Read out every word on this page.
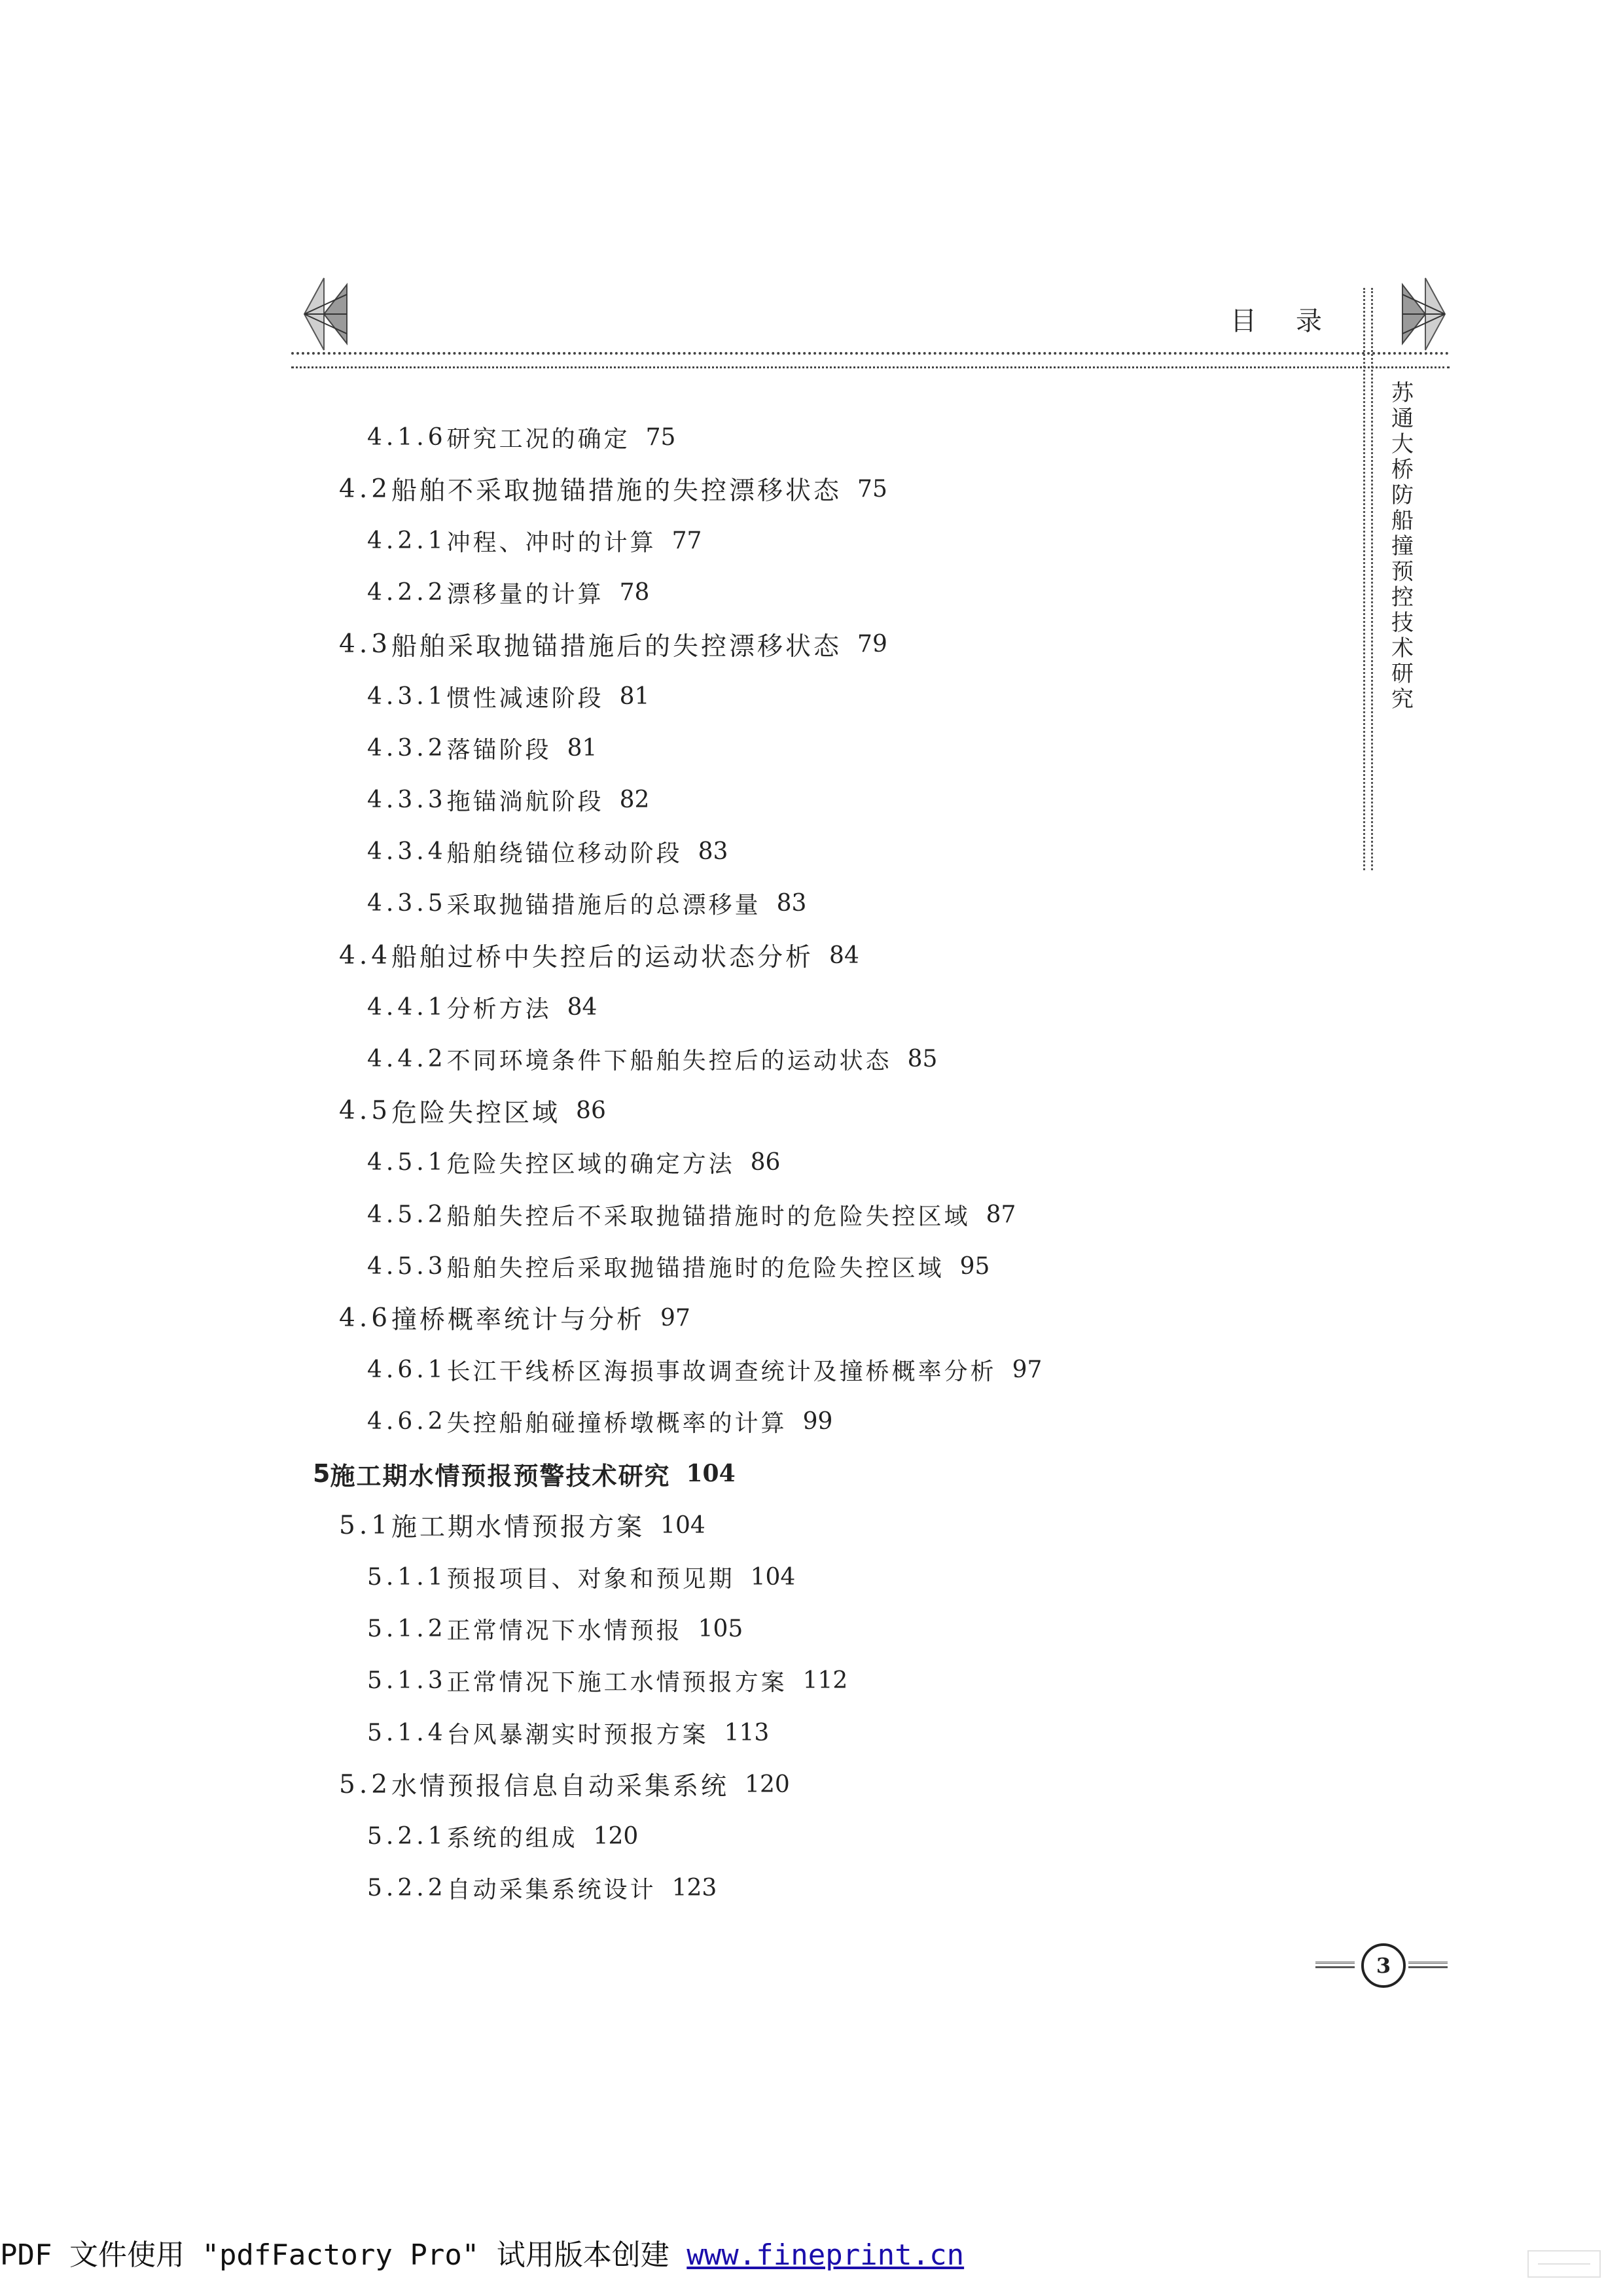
目　录
苏
通
大
桥
防
船
撞
预
控
技
术
研
究
4.1.6 研究工况的确定 75
4.2 船舶不采取抛锚措施的失控漂移状态 75
4.2.1 冲程、冲时的计算 77
4.2.2 漂移量的计算 78
4.3 船舶采取抛锚措施后的失控漂移状态 79
4.3.1 惯性减速阶段 81
4.3.2 落锚阶段 81
4.3.3 拖锚淌航阶段 82
4.3.4 船舶绕锚位移动阶段 83
4.3.5 采取抛锚措施后的总漂移量 83
4.4 船舶过桥中失控后的运动状态分析 84
4.4.1 分析方法 84
4.4.2 不同环境条件下船舶失控后的运动状态 85
4.5 危险失控区域 86
4.5.1 危险失控区域的确定方法 86
4.5.2 船舶失控后不采取抛锚措施时的危险失控区域 87
4.5.3 船舶失控后采取抛锚措施时的危险失控区域 95
4.6 撞桥概率统计与分析 97
4.6.1 长江干线桥区海损事故调查统计及撞桥概率分析 97
4.6.2 失控船舶碰撞桥墩概率的计算 99
5 施工期水情预报预警技术研究 104
5.1 施工期水情预报方案 104
5.1.1 预报项目、对象和预见期 104
5.1.2 正常情况下水情预报 105
5.1.3 正常情况下施工水情预报方案 112
5.1.4 台风暴潮实时预报方案 113
5.2 水情预报信息自动采集系统 120
5.2.1 系统的组成 120
5.2.2 自动采集系统设计 123
3
PDF 文件使用 "pdfFactory Pro" 试用版本创建 www.fineprint.cn
